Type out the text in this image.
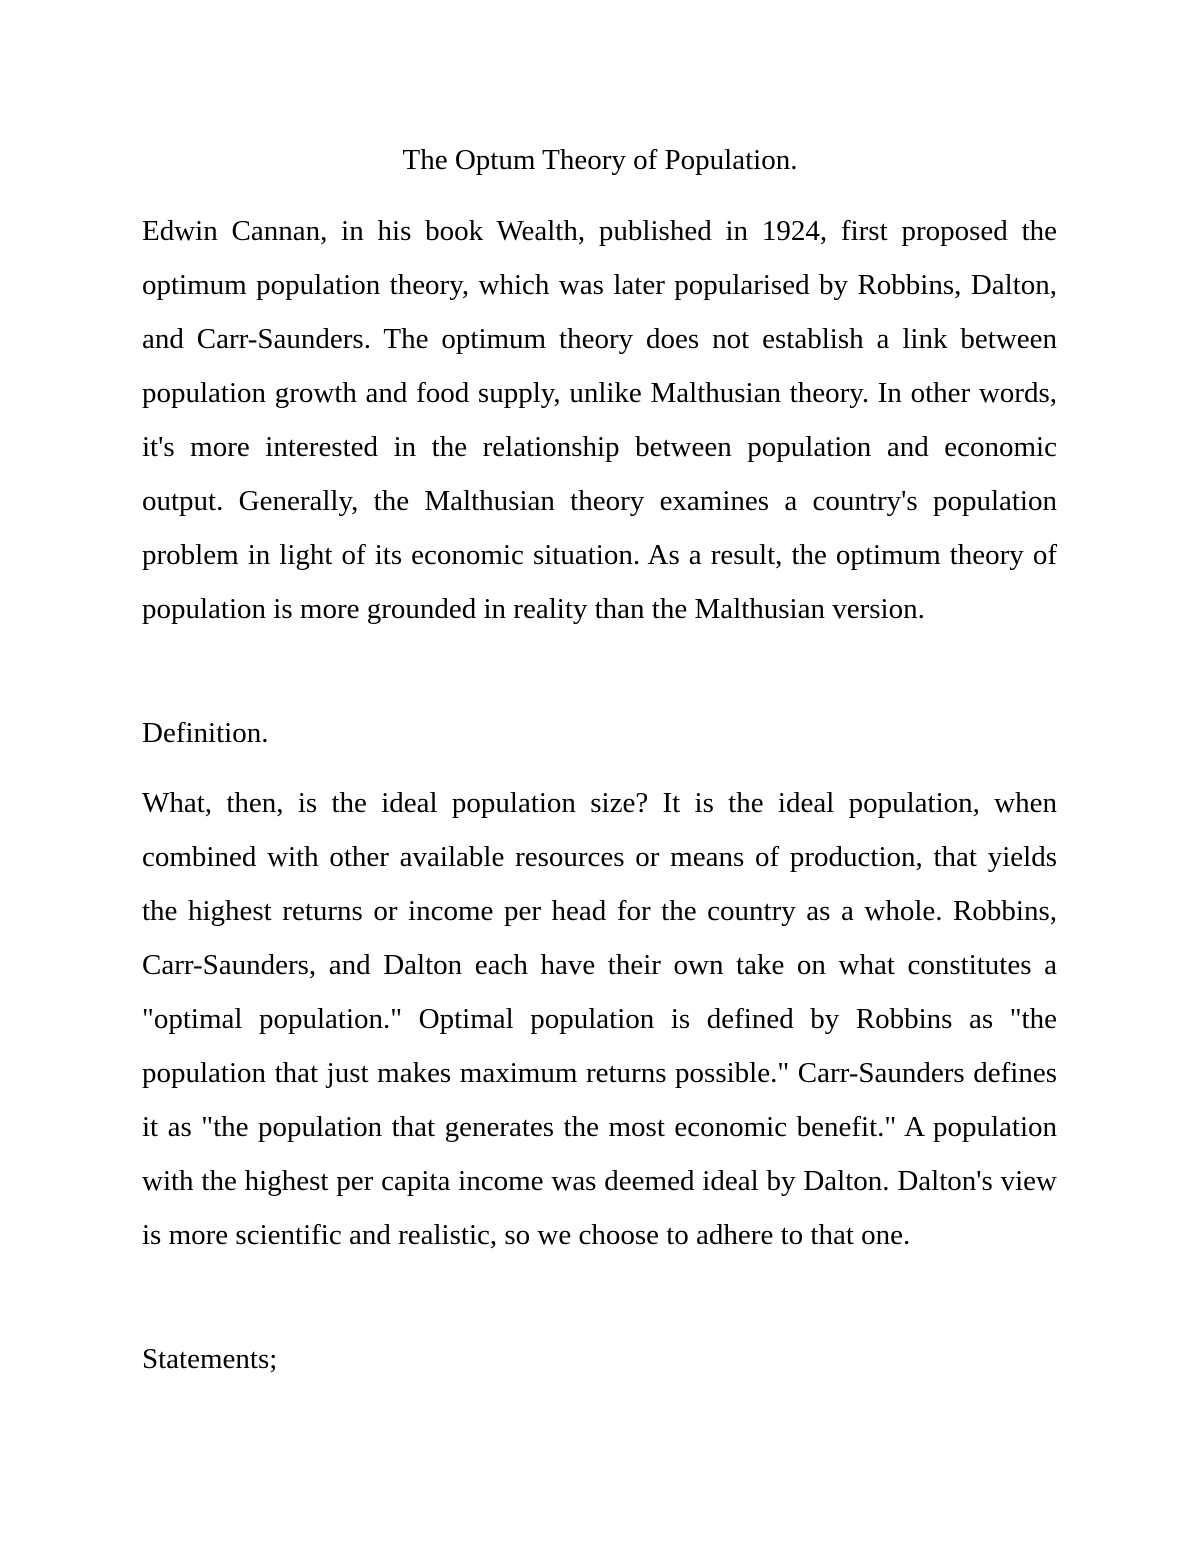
The Optum Theory of Population.

Edwin Cannan, in his book Wealth, published in 1924, first proposed the optimum population theory, which was later popularised by Robbins, Dalton, and Carr-Saunders. The optimum theory does not establish a link between population growth and food supply, unlike Malthusian theory. In other words, it's more interested in the relationship between population and economic output. Generally, the Malthusian theory examines a country's population problem in light of its economic situation. As a result, the optimum theory of population is more grounded in reality than the Malthusian version.

Definition.

What, then, is the ideal population size? It is the ideal population, when combined with other available resources or means of production, that yields the highest returns or income per head for the country as a whole. Robbins, Carr-Saunders, and Dalton each have their own take on what constitutes a "optimal population." Optimal population is defined by Robbins as "the population that just makes maximum returns possible." Carr-Saunders defines it as "the population that generates the most economic benefit." A population with the highest per capita income was deemed ideal by Dalton. Dalton's view is more scientific and realistic, so we choose to adhere to that one.

Statements;
